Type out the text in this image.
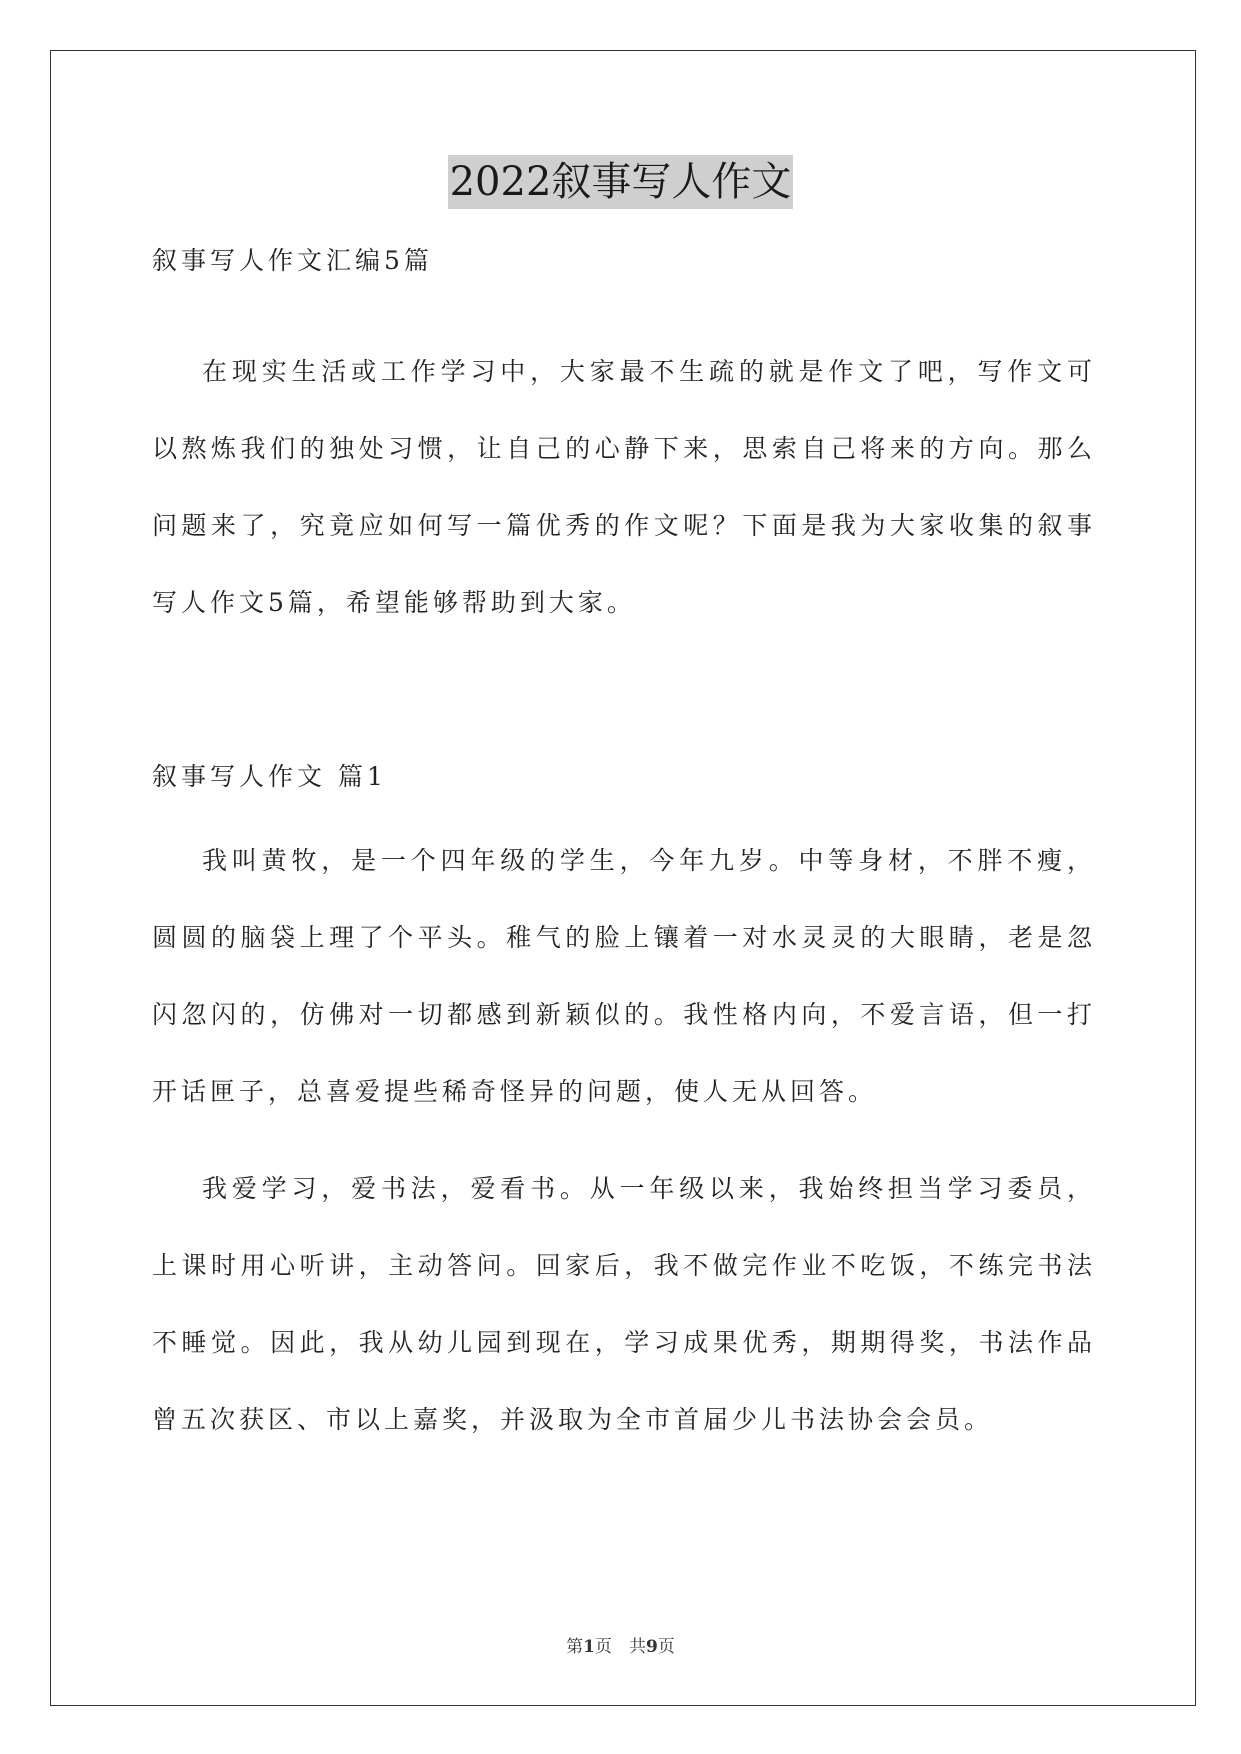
2022叙事写人作文

叙事写人作文汇编5篇

在现实生活或工作学习中，大家最不生疏的就是作文了吧，写作文可以熬炼我们的独处习惯，让自己的心静下来，思索自己将来的方向。那么问题来了，究竟应如何写一篇优秀的作文呢？下面是我为大家收集的叙事写人作文5篇，希望能够帮助到大家。

叙事写人作文 篇1

我叫黄牧，是一个四年级的学生，今年九岁。中等身材，不胖不瘦，圆圆的脑袋上理了个平头。稚气的脸上镶着一对水灵灵的大眼睛，老是忽闪忽闪的，仿佛对一切都感到新颖似的。我性格内向，不爱言语，但一打开话匣子，总喜爱提些稀奇怪异的问题，使人无从回答。

我爱学习，爱书法，爱看书。从一年级以来，我始终担当学习委员，上课时用心听讲，主动答问。回家后，我不做完作业不吃饭，不练完书法不睡觉。因此，我从幼儿园到现在，学习成果优秀，期期得奖，书法作品曾五次获区、市以上嘉奖，并汲取为全市首届少儿书法协会会员。

第1页　共9页
